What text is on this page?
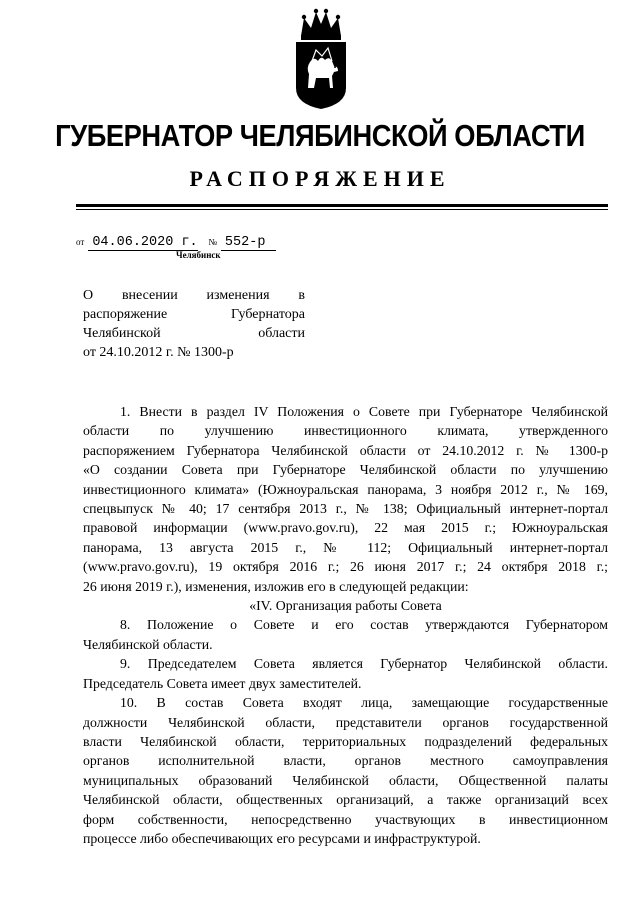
ГУБЕРНАТОР ЧЕЛЯБИНСКОЙ ОБЛАСТИ
РАСПОРЯЖЕНИЕ
от 04.06.2020 г. № 552-р
Челябинск
О внесении изменения в
распоряжение Губернатора
Челябинской области
от 24.10.2012 г. № 1300-р
1. Внести в раздел IV Положения о Совете при Губернаторе Челябинской
области по улучшению инвестиционного климата, утвержденного
распоряжением Губернатора Челябинской области от 24.10.2012 г. № 1300-р
«О создании Совета при Губернаторе Челябинской области по улучшению
инвестиционного климата» (Южноуральская панорама, 3 ноября 2012 г., № 169,
спецвыпуск № 40; 17 сентября 2013 г., № 138; Официальный интернет-портал
правовой информации (www.pravo.gov.ru), 22 мая 2015 г.; Южноуральская
панорама, 13 августа 2015 г., № 112; Официальный интернет-портал
(www.pravo.gov.ru), 19 октября 2016 г.; 26 июня 2017 г.; 24 октября 2018 г.;
26 июня 2019 г.), изменения, изложив его в следующей редакции:
«IV. Организация работы Совета
8. Положение о Совете и его состав утверждаются Губернатором
Челябинской области.
9. Председателем Совета является Губернатор Челябинской области.
Председатель Совета имеет двух заместителей.
10. В состав Совета входят лица, замещающие государственные
должности Челябинской области, представители органов государственной
власти Челябинской области, территориальных подразделений федеральных
органов исполнительной власти, органов местного самоуправления
муниципальных образований Челябинской области, Общественной палаты
Челябинской области, общественных организаций, а также организаций всех
форм собственности, непосредственно участвующих в инвестиционном
процессе либо обеспечивающих его ресурсами и инфраструктурой.
